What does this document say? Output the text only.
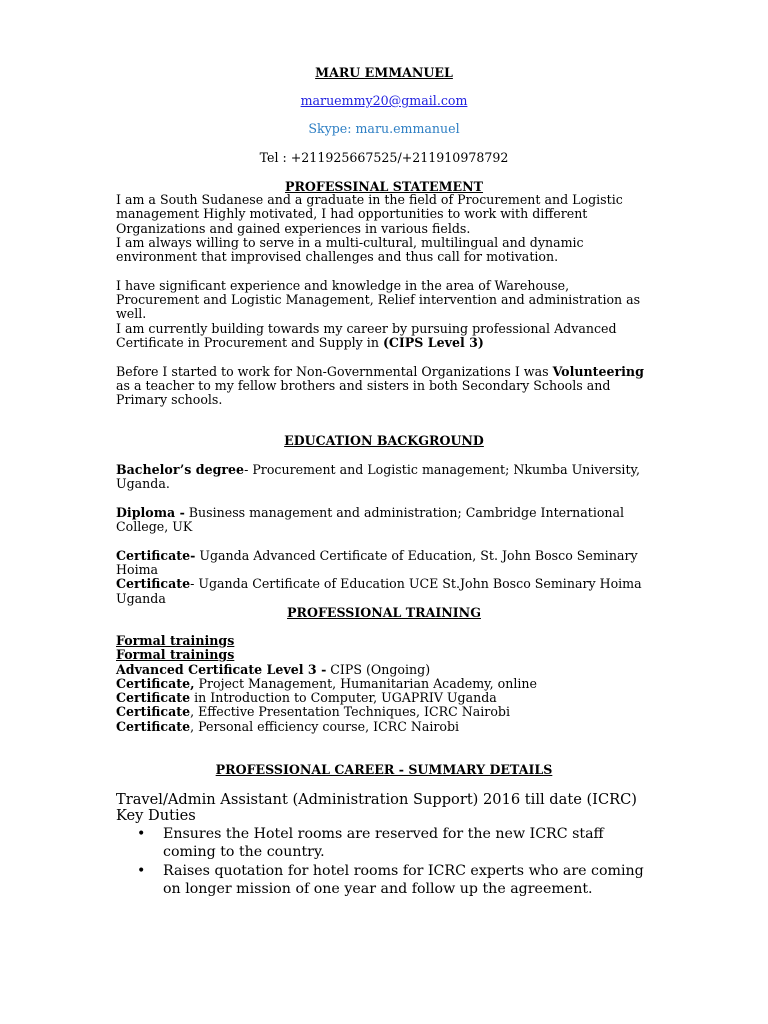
MARU EMMANUEL
maruemmy20@gmail.com
Skype: maru.emmanuel
Tel : +211925667525/+211910978792
PROFESSINAL STATEMENT

I am a South Sudanese and a graduate in the field of Procurement and Logistic management Highly motivated, I had opportunities to work with different Organizations and gained experiences in various fields.

I am always willing to serve in a multi-cultural, multilingual and dynamic environment that improvised challenges and thus call for motivation.

I have significant experience and knowledge in the area of Warehouse, Procurement and Logistic Management, Relief intervention and administration as well.

I am currently building towards my career by pursuing professional Advanced Certificate in Procurement and Supply in (CIPS Level 3)

Before I started to work for Non-Governmental Organizations I was Volunteering as a teacher to my fellow brothers and sisters in both Secondary Schools and Primary schools.

EDUCATION BACKGROUND

Bachelor’s degree- Procurement and Logistic management; Nkumba University, Uganda.

Diploma - Business management and administration; Cambridge International College, UK

Certificate- Uganda Advanced Certificate of Education, St. John Bosco Seminary Hoima

Certificate- Uganda Certificate of Education UCE St.John Bosco Seminary Hoima Uganda

PROFESSIONAL TRAINING

Formal trainings

Formal trainings

Advanced Certificate Level 3 - CIPS (Ongoing)

Certificate, Project Management, Humanitarian Academy, online

Certificate in Introduction to Computer, UGAPRIV Uganda

Certificate, Effective Presentation Techniques, ICRC Nairobi

Certificate, Personal efficiency course, ICRC Nairobi

PROFESSIONAL CAREER - SUMMARY DETAILS

Travel/Admin Assistant (Administration Support) 2016 till date (ICRC)

Key Duties

• Ensures the Hotel rooms are reserved for the new ICRC staff coming to the country.
• Raises quotation for hotel rooms for ICRC experts who are coming on longer mission of one year and follow up the agreement.
